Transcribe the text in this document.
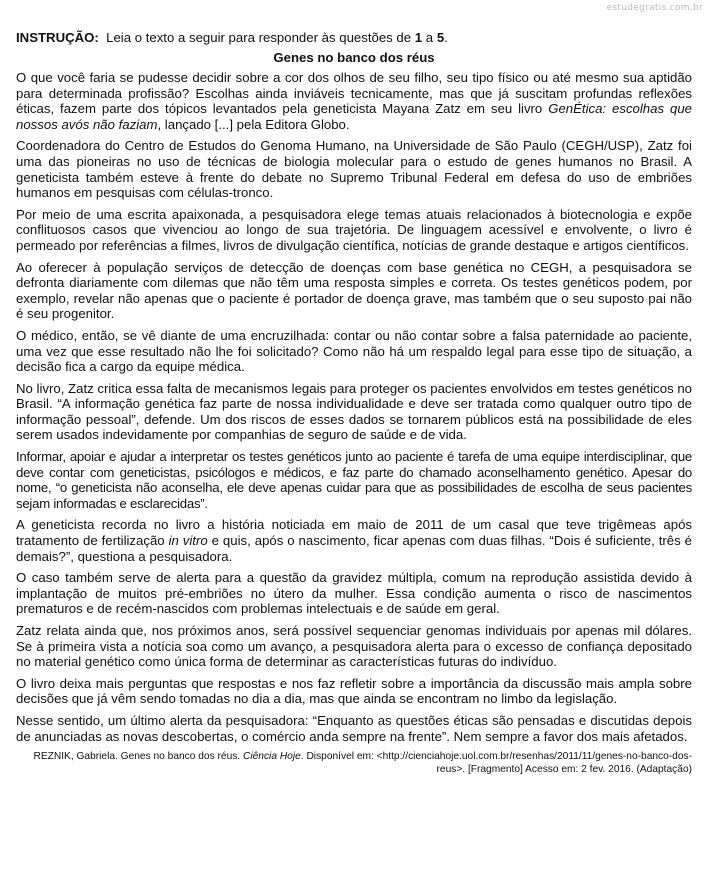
estudegratis.com.br

INSTRUÇÃO: Leia o texto a seguir para responder às questões de 1 a 5.

Genes no banco dos réus

O que você faria se pudesse decidir sobre a cor dos olhos de seu filho, seu tipo físico ou até mesmo sua aptidão para determinada profissão? Escolhas ainda inviáveis tecnicamente, mas que já suscitam profundas reflexões éticas, fazem parte dos tópicos levantados pela geneticista Mayana Zatz em seu livro GenÉtica: escolhas que nossos avós não faziam, lançado [...] pela Editora Globo.

Coordenadora do Centro de Estudos do Genoma Humano, na Universidade de São Paulo (CEGH/USP), Zatz foi uma das pioneiras no uso de técnicas de biologia molecular para o estudo de genes humanos no Brasil. A geneticista também esteve à frente do debate no Supremo Tribunal Federal em defesa do uso de embriões humanos em pesquisas com células-tronco.

Por meio de uma escrita apaixonada, a pesquisadora elege temas atuais relacionados à biotecnologia e expõe conflituosos casos que vivenciou ao longo de sua trajetória. De linguagem acessível e envolvente, o livro é permeado por referências a filmes, livros de divulgação científica, notícias de grande destaque e artigos científicos.

Ao oferecer à população serviços de detecção de doenças com base genética no CEGH, a pesquisadora se defronta diariamente com dilemas que não têm uma resposta simples e correta. Os testes genéticos podem, por exemplo, revelar não apenas que o paciente é portador de doença grave, mas também que o seu suposto pai não é seu progenitor.

O médico, então, se vê diante de uma encruzilhada: contar ou não contar sobre a falsa paternidade ao paciente, uma vez que esse resultado não lhe foi solicitado? Como não há um respaldo legal para esse tipo de situação, a decisão fica a cargo da equipe médica.

No livro, Zatz critica essa falta de mecanismos legais para proteger os pacientes envolvidos em testes genéticos no Brasil. “A informação genética faz parte de nossa individualidade e deve ser tratada como qualquer outro tipo de informação pessoal”, defende. Um dos riscos de esses dados se tornarem públicos está na possibilidade de eles serem usados indevidamente por companhias de seguro de saúde e de vida.

Informar, apoiar e ajudar a interpretar os testes genéticos junto ao paciente é tarefa de uma equipe interdisciplinar, que deve contar com geneticistas, psicólogos e médicos, e faz parte do chamado aconselhamento genético. Apesar do nome, “o geneticista não aconselha, ele deve apenas cuidar para que as possibilidades de escolha de seus pacientes sejam informadas e esclarecidas”.

A geneticista recorda no livro a história noticiada em maio de 2011 de um casal que teve trigêmeas após tratamento de fertilização in vitro e quis, após o nascimento, ficar apenas com duas filhas. “Dois é suficiente, três é demais?”, questiona a pesquisadora.

O caso também serve de alerta para a questão da gravidez múltipla, comum na reprodução assistida devido à implantação de muitos pré-embriões no útero da mulher. Essa condição aumenta o risco de nascimentos prematuros e de recém-nascidos com problemas intelectuais e de saúde em geral.

Zatz relata ainda que, nos próximos anos, será possível sequenciar genomas individuais por apenas mil dólares. Se à primeira vista a notícia soa como um avanço, a pesquisadora alerta para o excesso de confiança depositado no material genético como única forma de determinar as características futuras do indivíduo.

O livro deixa mais perguntas que respostas e nos faz refletir sobre a importância da discussão mais ampla sobre decisões que já vêm sendo tomadas no dia a dia, mas que ainda se encontram no limbo da legislação.

Nesse sentido, um último alerta da pesquisadora: “Enquanto as questões éticas são pensadas e discutidas depois de anunciadas as novas descobertas, o comércio anda sempre na frente”. Nem sempre a favor dos mais afetados.

REZNIK, Gabriela. Genes no banco dos réus. Ciência Hoje. Disponível em: <http://cienciahoje.uol.com.br/resenhas/2011/11/genes-no-banco-dos-reus>. [Fragmento] Acesso em: 2 fev. 2016. (Adaptação)
